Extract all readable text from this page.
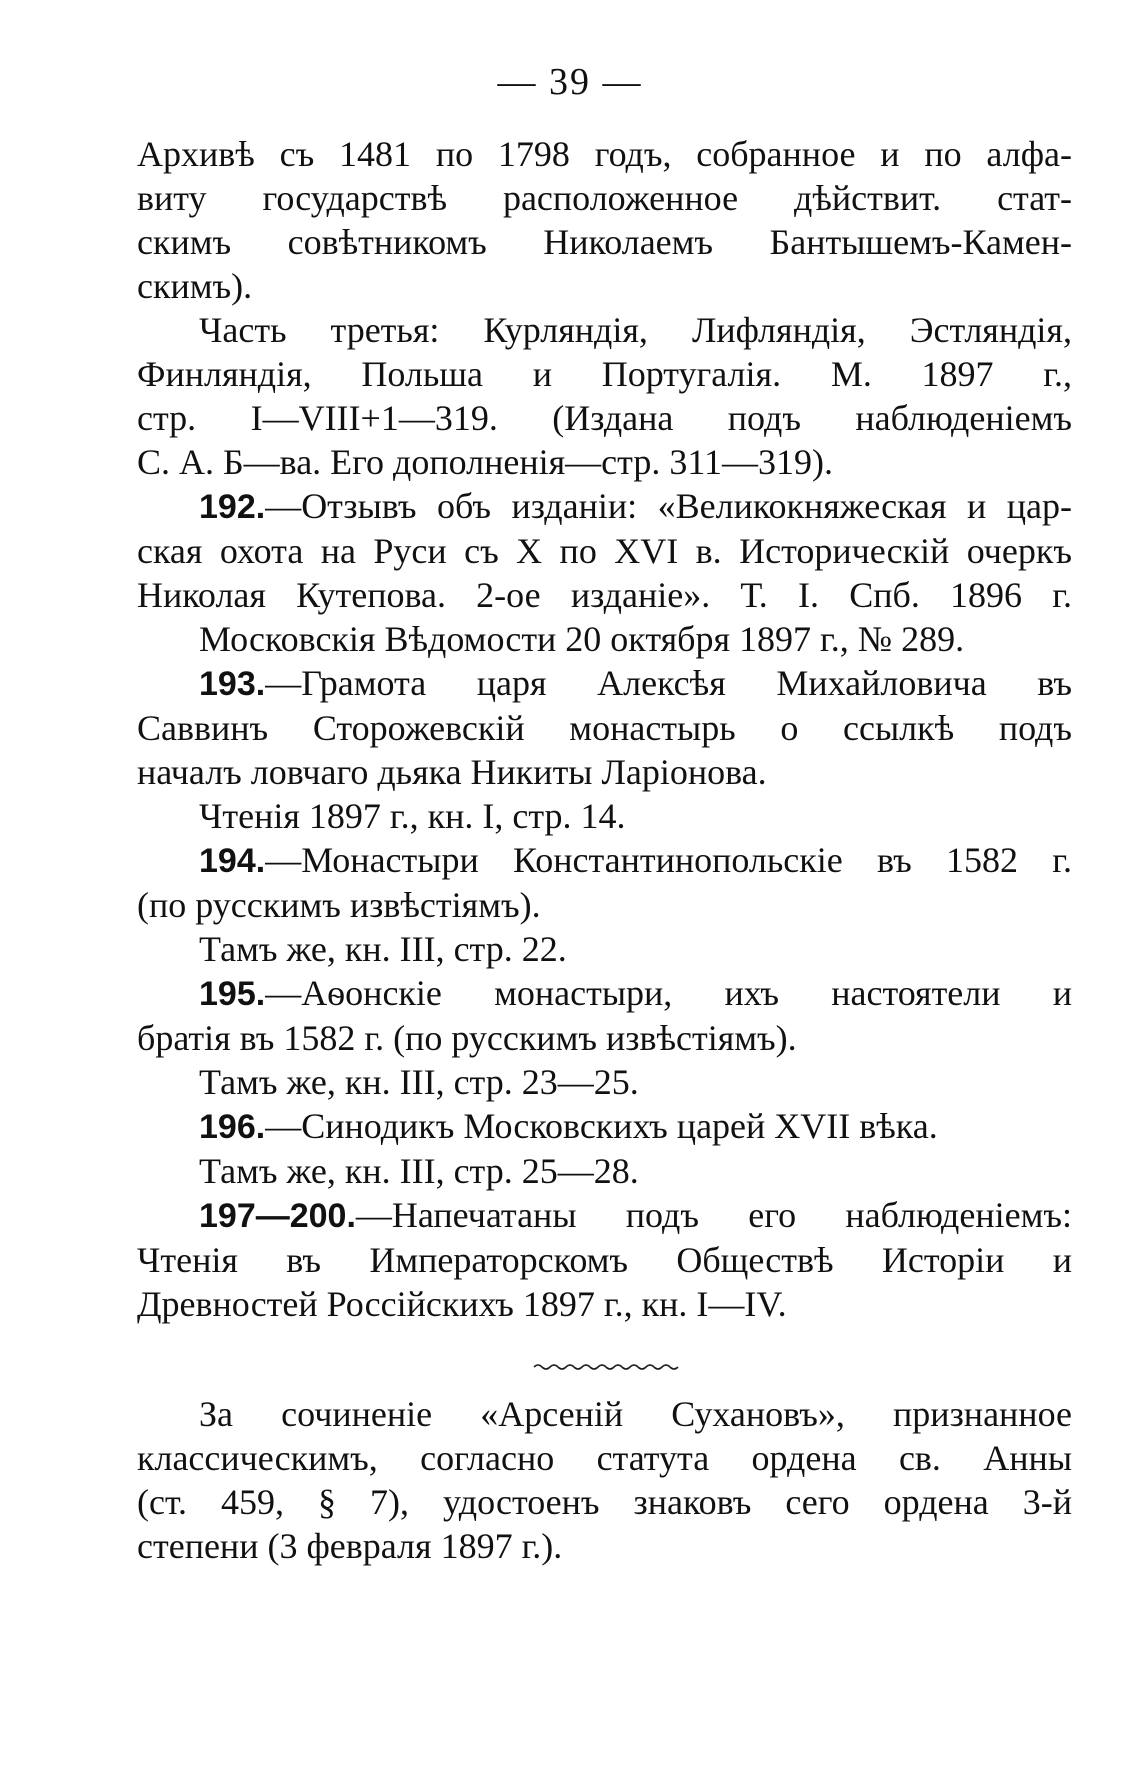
— 39 —
Архивѣ съ 1481 по 1798 годъ, собранное и по алфа-
виту государствѣ расположенное дѣйствит. стат-
скимъ совѣтникомъ Николаемъ Бантышемъ-Камен-
скимъ).
Часть третья: Курляндія, Лифляндія, Эстляндія,
Финляндія, Польша и Португалія. М. 1897 г.,
стр. I—VIII+1—319. (Издана подъ наблюденіемъ
С. А. Б—ва. Его дополненія—стр. 311—319).
192.—Отзывъ объ изданіи: «Великокняжеская и цар-
ская охота на Руси съ X по XVI в. Историческій очеркъ
Николая Кутепова. 2-ое изданіе». Т. I. Спб. 1896 г.
Московскія Вѣдомости 20 октября 1897 г., № 289.
193.—Грамота царя Алексѣя Михайловича въ
Саввинъ Сторожевскій монастырь о ссылкѣ подъ
началъ ловчаго дьяка Никиты Ларіонова.
Чтенія 1897 г., кн. I, стр. 14.
194.—Монастыри Константинопольскіе въ 1582 г.
(по русскимъ извѣстіямъ).
Тамъ же, кн. III, стр. 22.
195.—Аѳонскіе монастыри, ихъ настоятели и
братія въ 1582 г. (по русскимъ извѣстіямъ).
Тамъ же, кн. III, стр. 23—25.
196.—Синодикъ Московскихъ царей XVII вѣка.
Тамъ же, кн. III, стр. 25—28.
197—200.—Напечатаны подъ его наблюденіемъ:
Чтенія въ Императорскомъ Обществѣ Исторіи и
Древностей Россійскихъ 1897 г., кн. I—IV.
За сочиненіе «Арсеній Сухановъ», признанное
классическимъ, согласно статута ордена св. Анны
(ст. 459, § 7), удостоенъ знаковъ сего ордена 3-й
степени (3 февраля 1897 г.).
